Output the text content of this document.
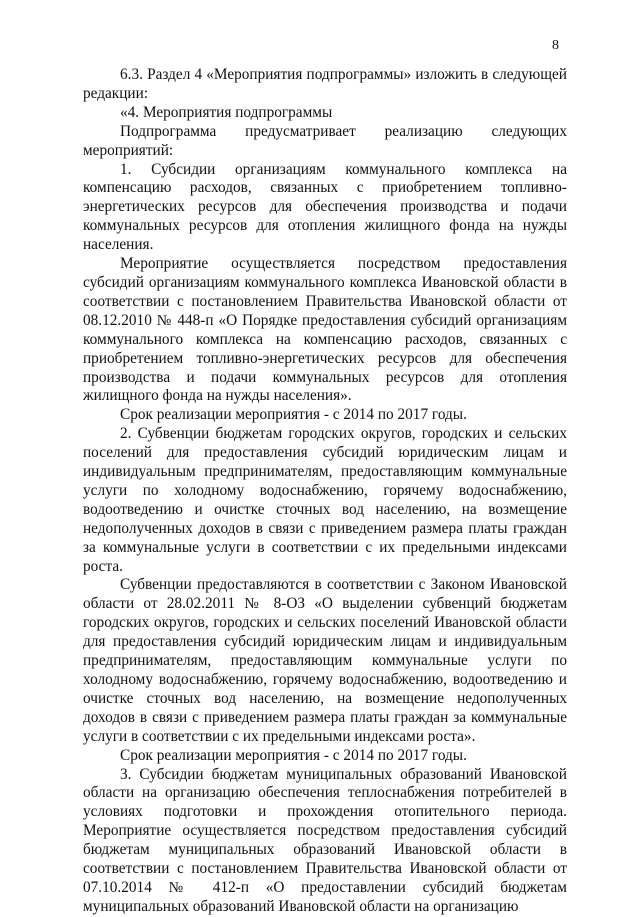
8

6.3. Раздел 4 «Мероприятия подпрограммы» изложить в следующей редакции:

«4. Мероприятия подпрограммы

Подпрограмма предусматривает реализацию следующих мероприятий:

1. Субсидии организациям коммунального комплекса на компенсацию расходов, связанных с приобретением топливно-энергетических ресурсов для обеспечения производства и подачи коммунальных ресурсов для отопления жилищного фонда на нужды населения.

Мероприятие осуществляется посредством предоставления субсидий организациям коммунального комплекса Ивановской области в соответствии с постановлением Правительства Ивановской области от 08.12.2010 № 448-п «О Порядке предоставления субсидий организациям коммунального комплекса на компенсацию расходов, связанных с приобретением топливно-энергетических ресурсов для обеспечения производства и подачи коммунальных ресурсов для отопления жилищного фонда на нужды населения».

Срок реализации мероприятия - с 2014 по 2017 годы.

2. Субвенции бюджетам городских округов, городских и сельских поселений для предоставления субсидий юридическим лицам и индивидуальным предпринимателям, предоставляющим коммунальные услуги по холодному водоснабжению, горячему водоснабжению, водоотведению и очистке сточных вод населению, на возмещение недополученных доходов в связи с приведением размера платы граждан за коммунальные услуги в соответствии с их предельными индексами роста.

Субвенции предоставляются в соответствии с Законом Ивановской области от 28.02.2011 № 8-ОЗ «О выделении субвенций бюджетам городских округов, городских и сельских поселений Ивановской области для предоставления субсидий юридическим лицам и индивидуальным предпринимателям, предоставляющим коммунальные услуги по холодному водоснабжению, горячему водоснабжению, водоотведению и очистке сточных вод населению, на возмещение недополученных доходов в связи с приведением размера платы граждан за коммунальные услуги в соответствии с их предельными индексами роста».

Срок реализации мероприятия - с 2014 по 2017 годы.

3. Субсидии бюджетам муниципальных образований Ивановской области на организацию обеспечения теплоснабжения потребителей в условиях подготовки и прохождения отопительного периода. Мероприятие осуществляется посредством предоставления субсидий бюджетам муниципальных образований Ивановской области в соответствии с постановлением Правительства Ивановской области от 07.10.2014 № 412-п «О предоставлении субсидий бюджетам муниципальных образований Ивановской области на организацию
